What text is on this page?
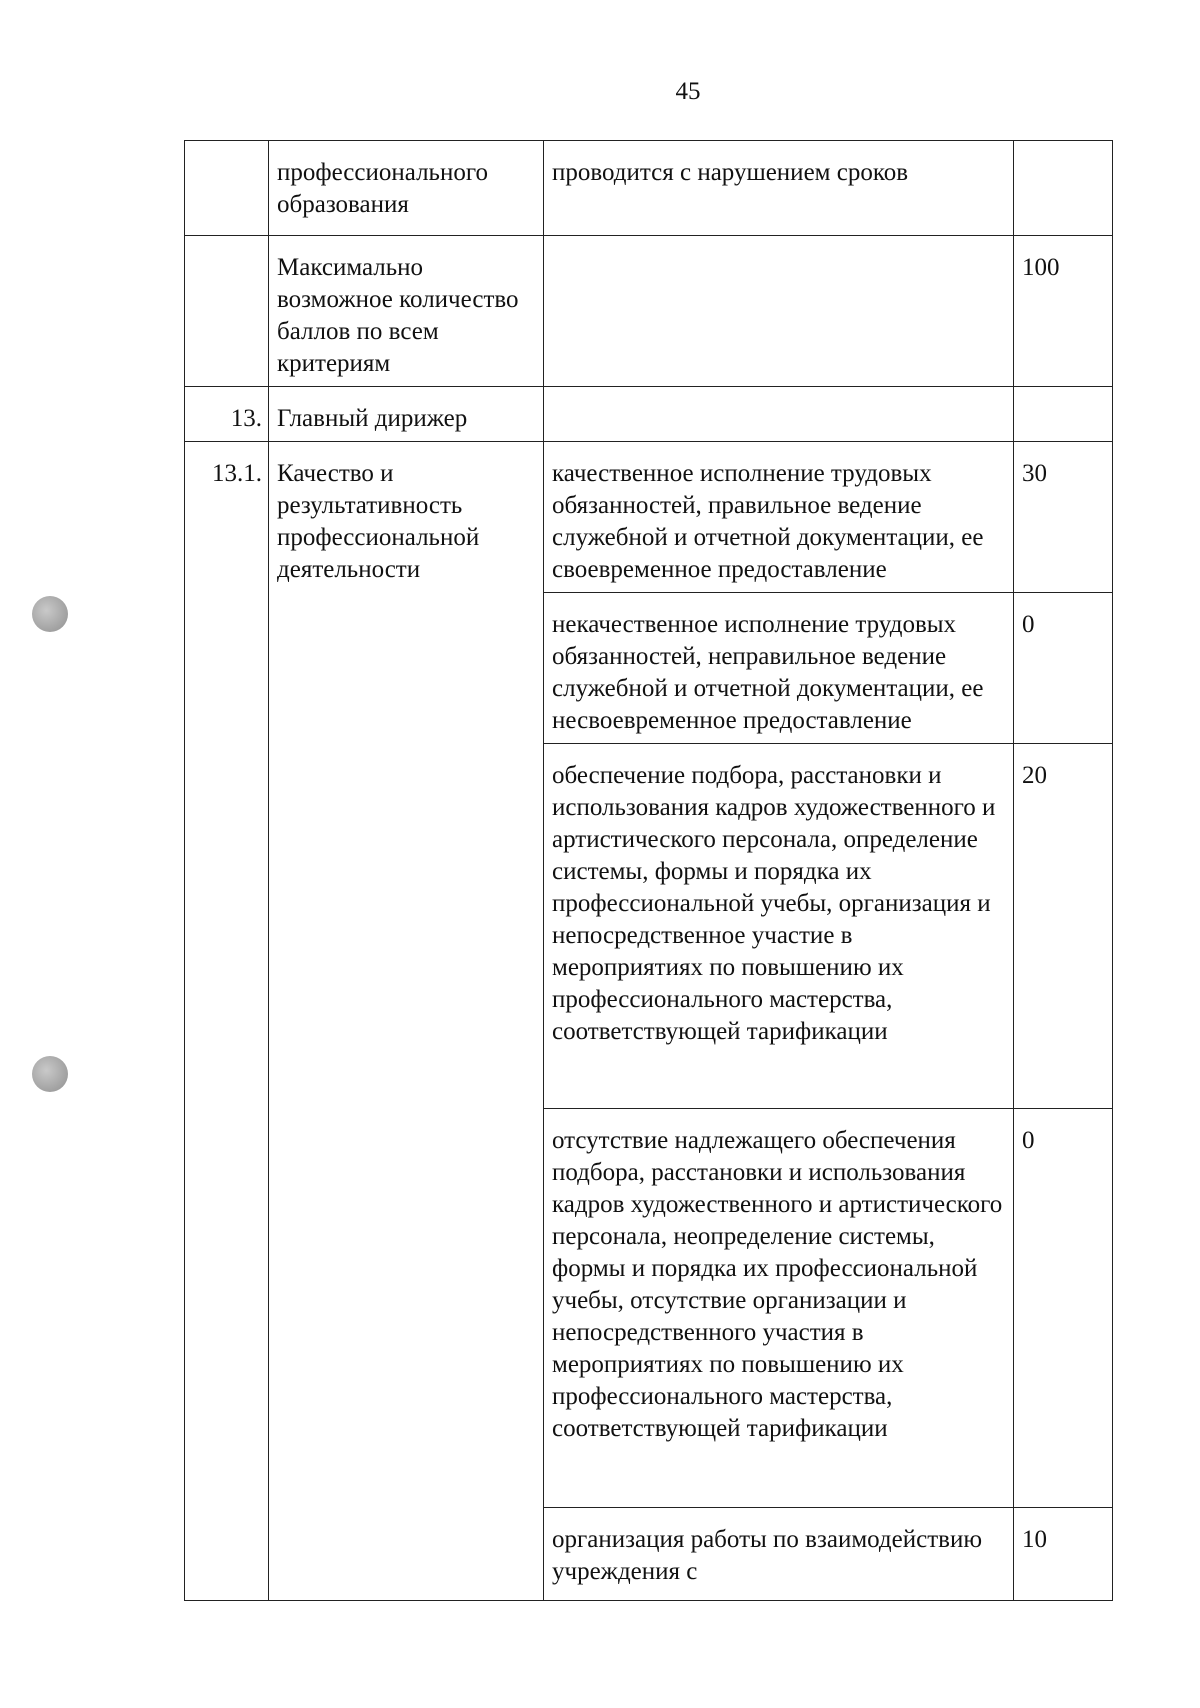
45
	профессионального образования	проводится с нарушением сроков	
	Максимально возможное количество баллов по всем критериям		100
13.	Главный дирижер		
13.1.	Качество и результативность профессиональной деятельности	качественное исполнение трудовых обязанностей, правильное ведение служебной и отчетной документации, ее своевременное предоставление	30
		некачественное исполнение трудовых обязанностей, неправильное ведение служебной и отчетной документации, ее несвоевременное предоставление	0
		обеспечение подбора, расстановки и использования кадров художественного и артистического персонала, определение системы, формы и порядка их профессиональной учебы, организация и непосредственное участие в мероприятиях по повышению их профессионального мастерства, соответствующей тарификации	20
		отсутствие надлежащего обеспечения подбора, расстановки и использования кадров художественного и артистического персонала, неопределение системы, формы и порядка их профессиональной учебы, отсутствие организации и непосредственного участия в мероприятиях по повышению их профессионального мастерства, соответствующей тарификации	0
		организация работы по взаимодействию учреждения с	10
